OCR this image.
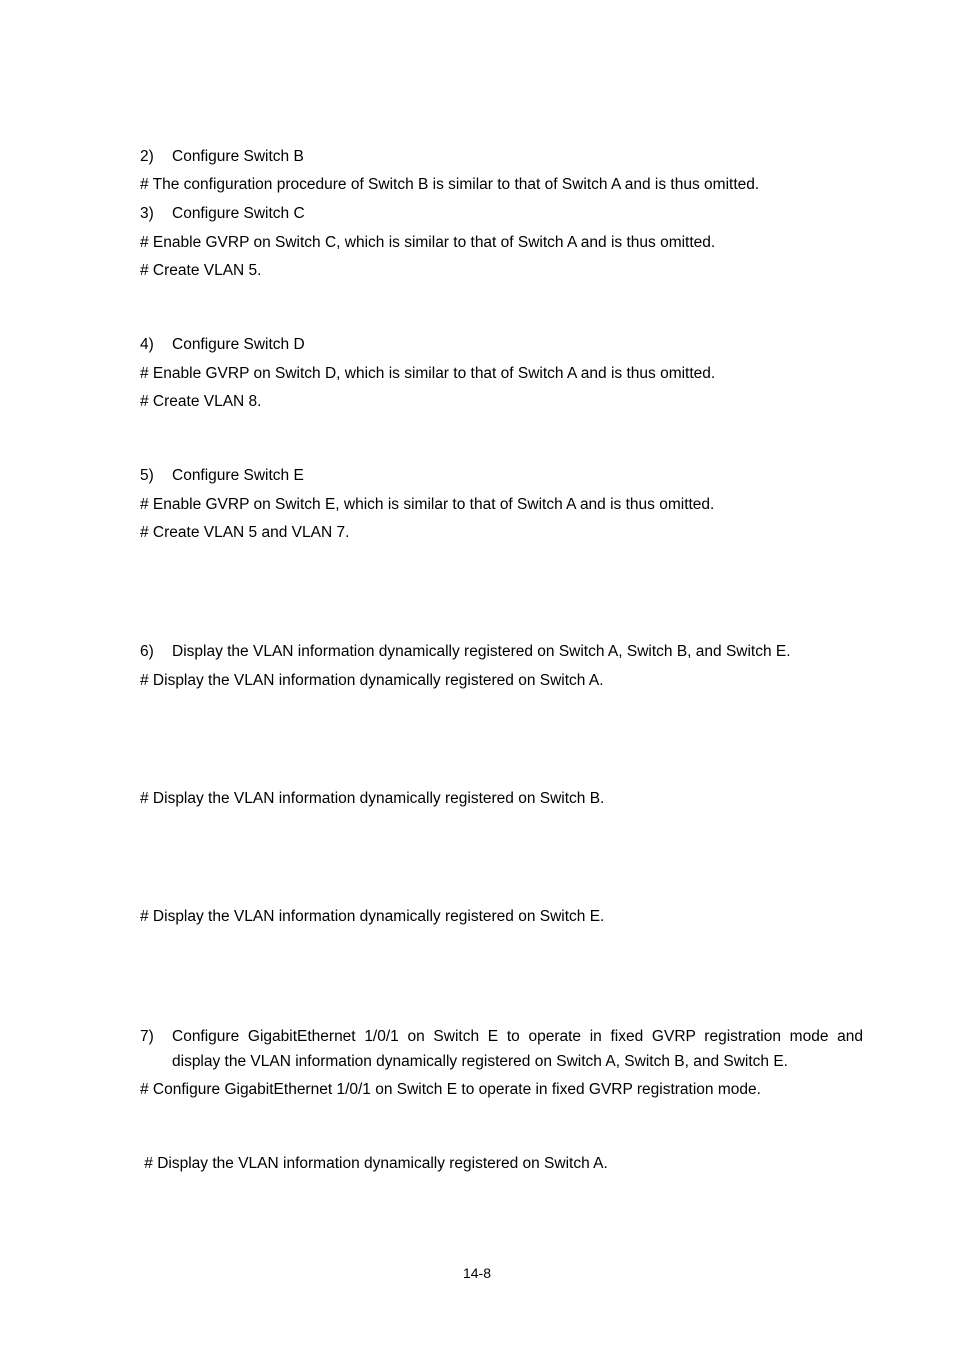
2)	Configure Switch B
# The configuration procedure of Switch B is similar to that of Switch A and is thus omitted.
3)	Configure Switch C
# Enable GVRP on Switch C, which is similar to that of Switch A and is thus omitted.
# Create VLAN 5.
4)	Configure Switch D
# Enable GVRP on Switch D, which is similar to that of Switch A and is thus omitted.
# Create VLAN 8.
5)	Configure Switch E
# Enable GVRP on Switch E, which is similar to that of Switch A and is thus omitted.
# Create VLAN 5 and VLAN 7.
6)	Display the VLAN information dynamically registered on Switch A, Switch B, and Switch E.
# Display the VLAN information dynamically registered on Switch A.
# Display the VLAN information dynamically registered on Switch B.
# Display the VLAN information dynamically registered on Switch E.
7)	Configure GigabitEthernet 1/0/1 on Switch E to operate in fixed GVRP registration mode and
display the VLAN information dynamically registered on Switch A, Switch B, and Switch E.
# Configure GigabitEthernet 1/0/1 on Switch E to operate in fixed GVRP registration mode.
# Display the VLAN information dynamically registered on Switch A.
14-8
